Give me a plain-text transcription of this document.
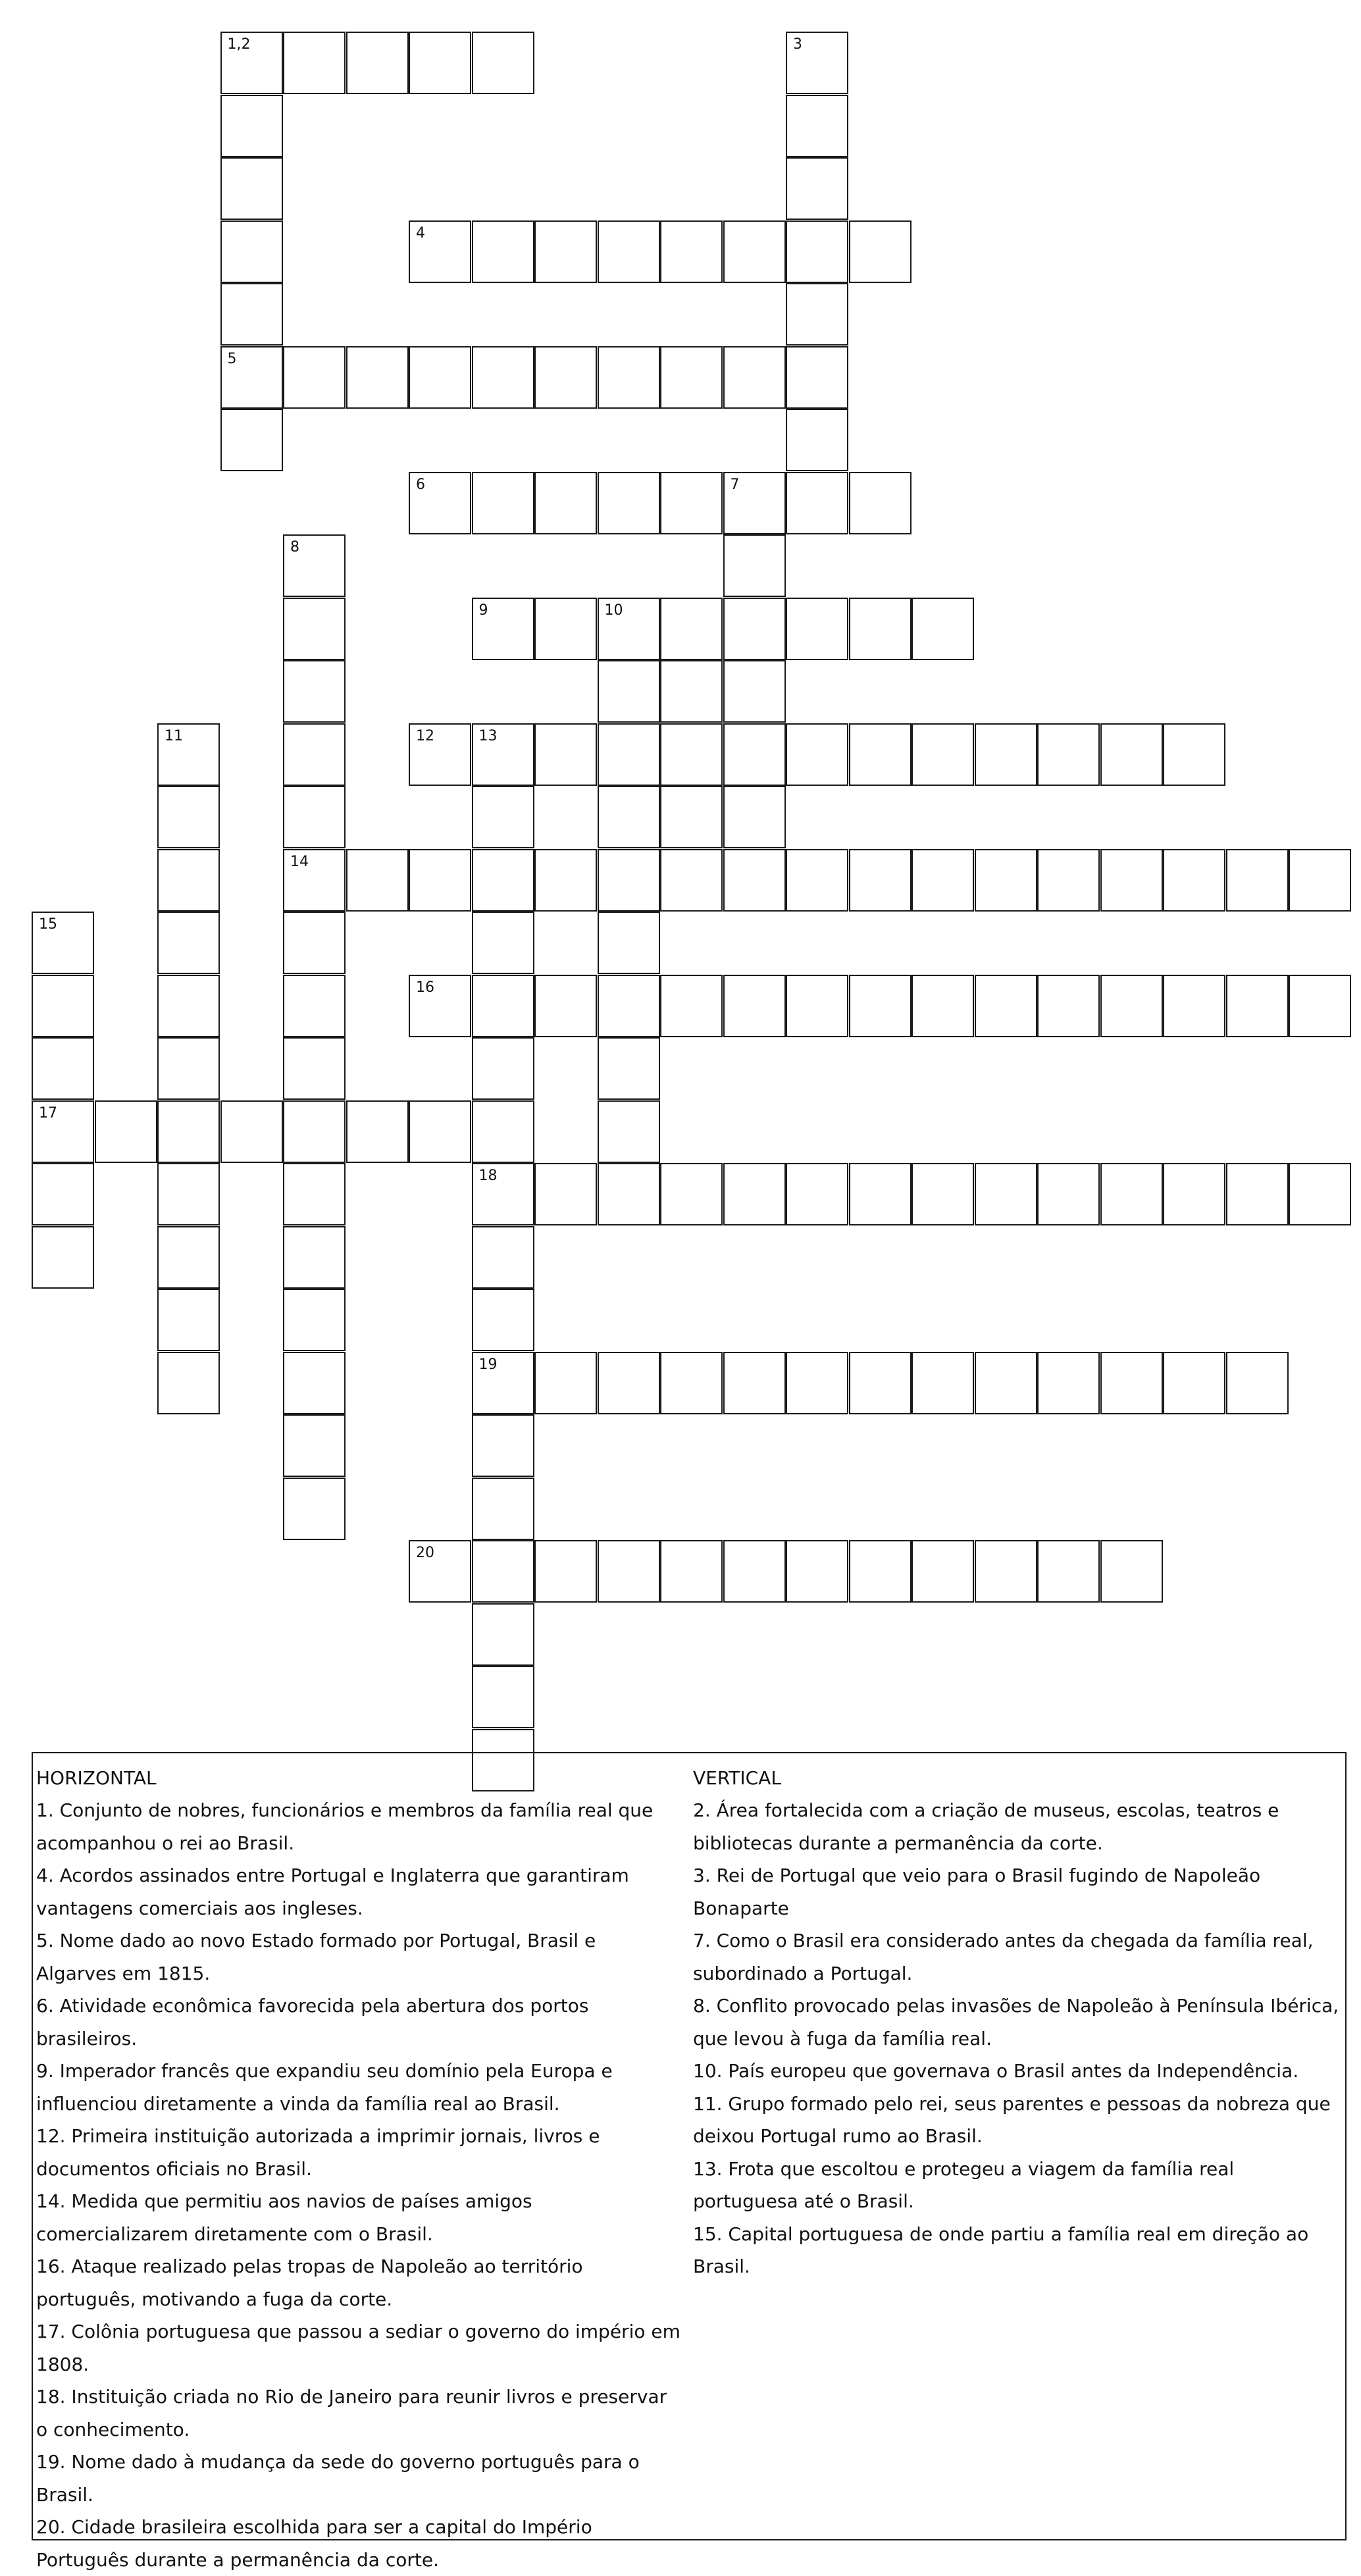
1,2
5
3
4
6	7
8
14
9	10
11	12	13
18
19
15
17
16
20

HORIZONTAL

1. Conjunto de nobres, funcionários e membros da família real que acompanhou o rei ao Brasil.

4. Acordos assinados entre Portugal e Inglaterra que garantiram vantagens comerciais aos ingleses.

5. Nome dado ao novo Estado formado por Portugal, Brasil e Algarves em 1815.

6. Atividade econômica favorecida pela abertura dos portos brasileiros.

9. Imperador francês que expandiu seu domínio pela Europa e influenciou diretamente a vinda da família real ao Brasil.

12. Primeira instituição autorizada a imprimir jornais, livros e documentos oficiais no Brasil.

14. Medida que permitiu aos navios de países amigos comercializarem diretamente com o Brasil.

16. Ataque realizado pelas tropas de Napoleão ao território português, motivando a fuga da corte.

17. Colônia portuguesa que passou a sediar o governo do império em 1808.

18. Instituição criada no Rio de Janeiro para reunir livros e preservar o conhecimento.

19. Nome dado à mudança da sede do governo português para o Brasil.

20. Cidade brasileira escolhida para ser a capital do Império Português durante a permanência da corte.

VERTICAL

2. Área fortalecida com a criação de museus, escolas, teatros e bibliotecas durante a permanência da corte.

3. Rei de Portugal que veio para o Brasil fugindo de Napoleão Bonaparte

7. Como o Brasil era considerado antes da chegada da família real, subordinado a Portugal.

8. Conflito provocado pelas invasões de Napoleão à Península Ibérica, que levou à fuga da família real.

10. País europeu que governava o Brasil antes da Independência.

11. Grupo formado pelo rei, seus parentes e pessoas da nobreza que deixou Portugal rumo ao Brasil.

13. Frota que escoltou e protegeu a viagem da família real portuguesa até o Brasil.

15. Capital portuguesa de onde partiu a família real em direção ao Brasil.
